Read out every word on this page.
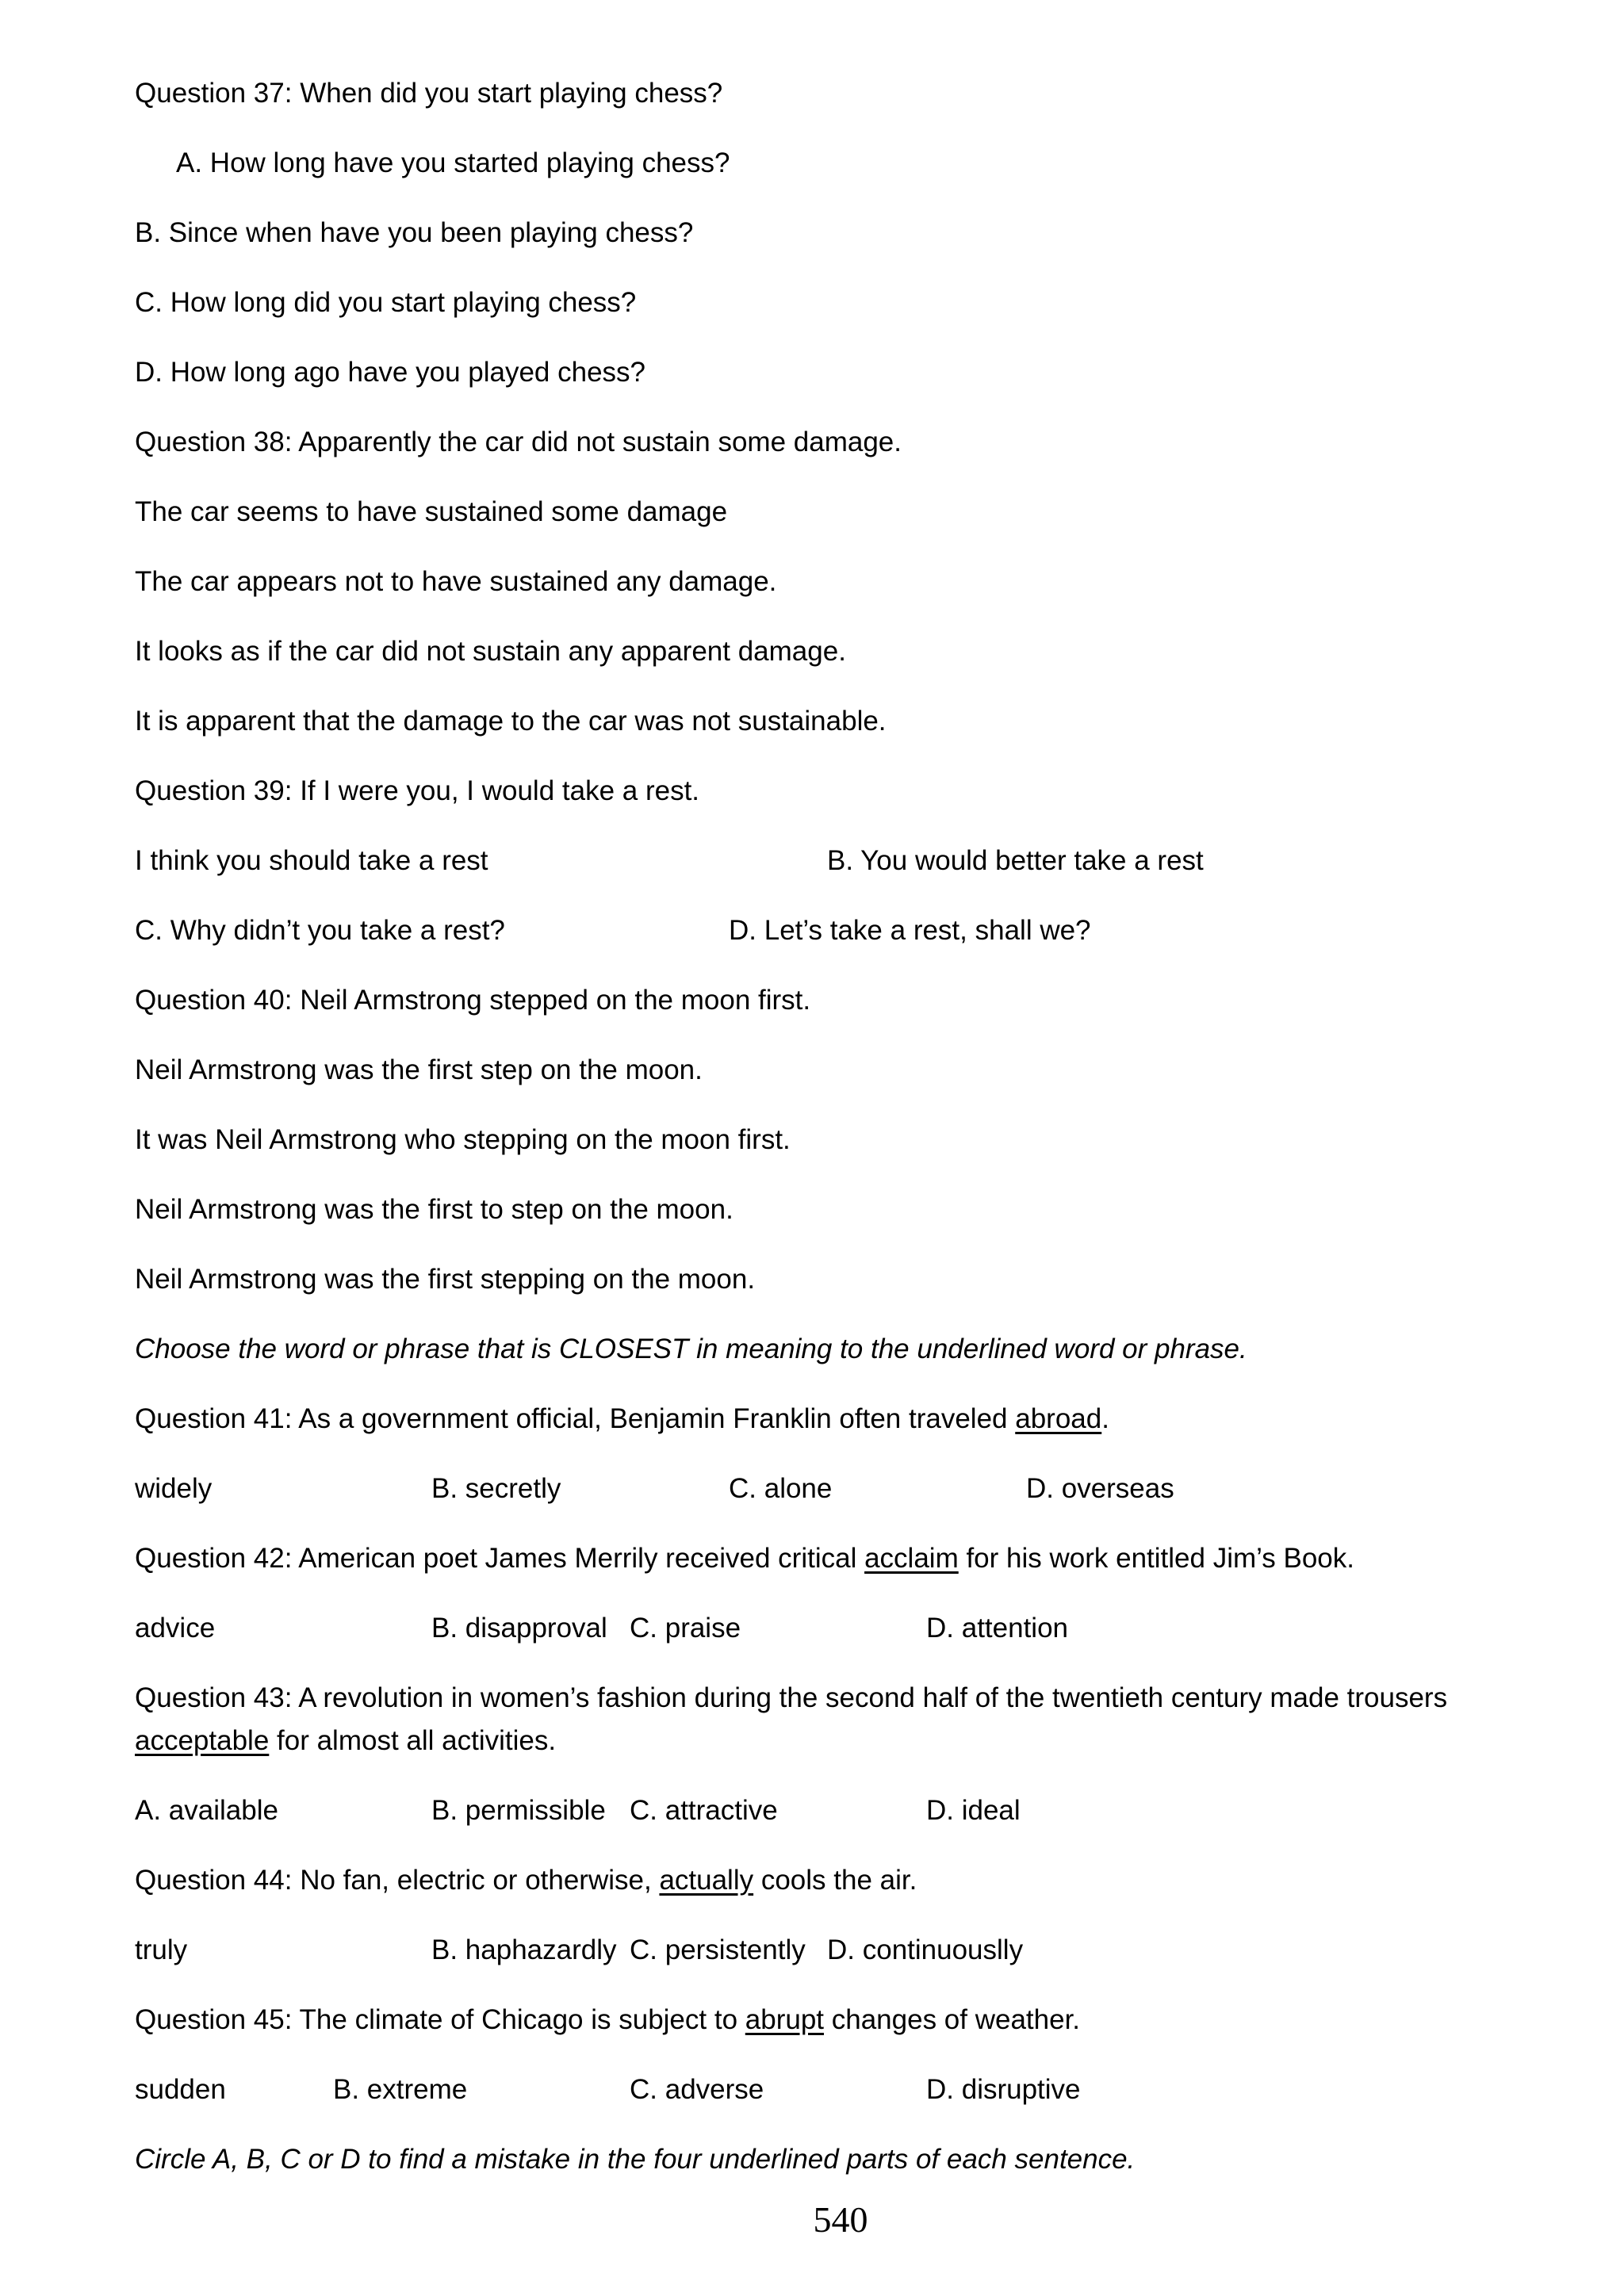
Question 37: When did you start playing chess?
A. How long have you started playing chess?
B. Since when have you been playing chess?
C. How long did you start playing chess?
D. How long ago have you played chess?
Question 38: Apparently the car did not sustain some damage.
The car seems to have sustained some damage
The car appears not to have sustained any damage.
It looks as if the car did not sustain any apparent damage.
It is apparent that the damage to the car was not sustainable.
Question 39: If I were you, I would take a rest.
I think you should take a rest	B. You would better take a rest
C. Why didn’t you take a rest?	D. Let’s take a rest, shall we?
Question 40: Neil Armstrong stepped on the moon first.
Neil Armstrong was the first step on the moon.
It was Neil Armstrong who stepping on the moon first.
Neil Armstrong was the first to step on the moon.
Neil Armstrong was the first stepping on the moon.
Choose the word or phrase that is CLOSEST in meaning to the underlined word or phrase.
Question 41: As a government official, Benjamin Franklin often traveled abroad.
widely	B. secretly	C. alone	D. overseas
Question 42: American poet James Merrily received critical acclaim for his work entitled Jim’s Book.
advice	B. disapproval C. praise	D. attention
Question 43: A revolution in women’s fashion during the second half of the twentieth century made trousers acceptable for almost all activities.
A. available	B. permissible C. attractive	D. ideal
Question 44: No fan, electric or otherwise, actually cools the air.
truly	B. haphazardly C. persistently D. continuouslly
Question 45: The climate of Chicago is subject to abrupt changes of weather.
sudden	B. extreme	C. adverse	D. disruptive
Circle A, B, C or D to find a mistake in the four underlined parts of each sentence.
540
